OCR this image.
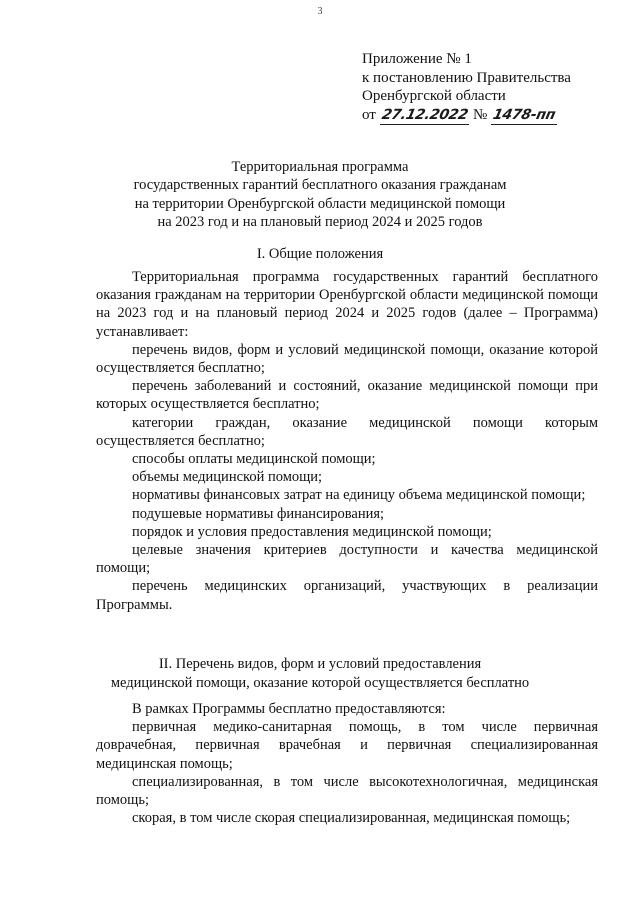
3
Приложение № 1
к постановлению Правительства
Оренбургской области
от 27.12.2022 № 1478-пп
Территориальная программа
государственных гарантий бесплатного оказания гражданам
на территории Оренбургской области медицинской помощи
на 2023 год и на плановый период 2024 и 2025 годов
I. Общие положения

Территориальная программа государственных гарантий бесплатного оказания гражданам на территории Оренбургской области медицинской помощи на 2023 год и на плановый период 2024 и 2025 годов (далее – Программа) устанавливает:

перечень видов, форм и условий медицинской помощи, оказание которой осуществляется бесплатно;

перечень заболеваний и состояний, оказание медицинской помощи при которых осуществляется бесплатно;

категории граждан, оказание медицинской помощи которым осуществляется бесплатно;

способы оплаты медицинской помощи;

объемы медицинской помощи;

нормативы финансовых затрат на единицу объема медицинской помощи;

подушевые нормативы финансирования;

порядок и условия предоставления медицинской помощи;

целевые значения критериев доступности и качества медицинской помощи;

перечень медицинских организаций, участвующих в реализации Программы.

II. Перечень видов, форм и условий предоставления
медицинской помощи, оказание которой осуществляется бесплатно

В рамках Программы бесплатно предоставляются:

первичная медико-санитарная помощь, в том числе первичная доврачебная, первичная врачебная и первичная специализированная медицинская помощь;

специализированная, в том числе высокотехнологичная, медицинская помощь;

скорая, в том числе скорая специализированная, медицинская помощь;
